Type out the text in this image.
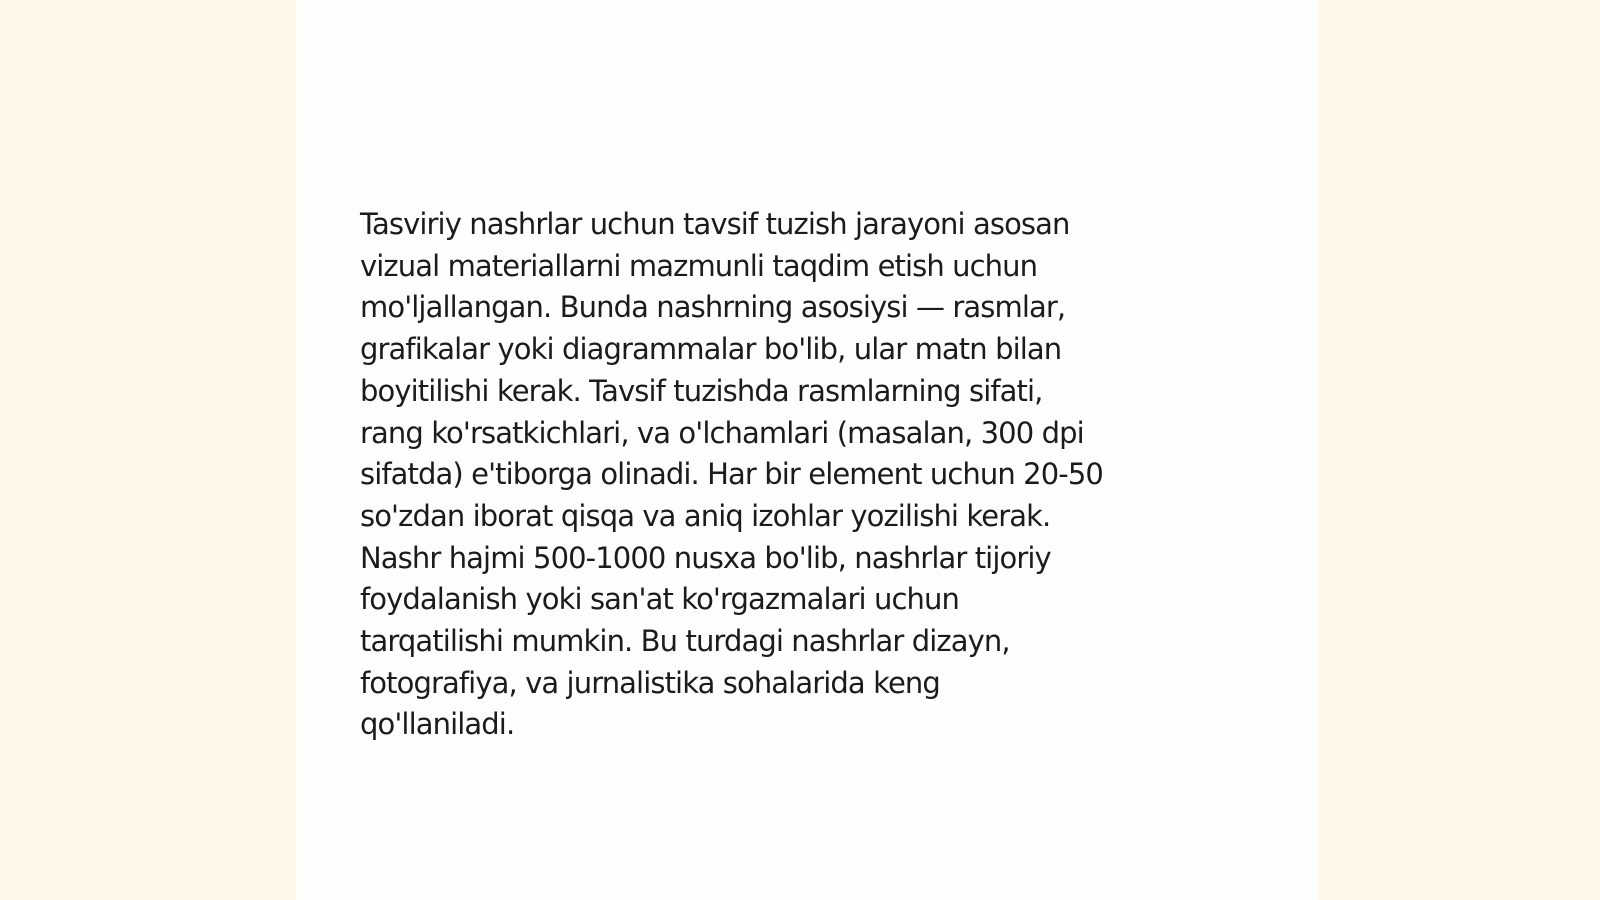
Tasviriy nashrlar uchun tavsif tuzish jarayoni asosan
vizual materiallarni mazmunli taqdim etish uchun
mo'ljallangan. Bunda nashrning asosiysi — rasmlar,
grafikalar yoki diagrammalar bo'lib, ular matn bilan
boyitilishi kerak. Tavsif tuzishda rasmlarning sifati,
rang ko'rsatkichlari, va o'lchamlari (masalan, 300 dpi
sifatda) e'tiborga olinadi. Har bir element uchun 20-50
so'zdan iborat qisqa va aniq izohlar yozilishi kerak.
Nashr hajmi 500-1000 nusxa bo'lib, nashrlar tijoriy
foydalanish yoki san'at ko'rgazmalari uchun
tarqatilishi mumkin. Bu turdagi nashrlar dizayn,
fotografiya, va jurnalistika sohalarida keng
qo'llaniladi.
